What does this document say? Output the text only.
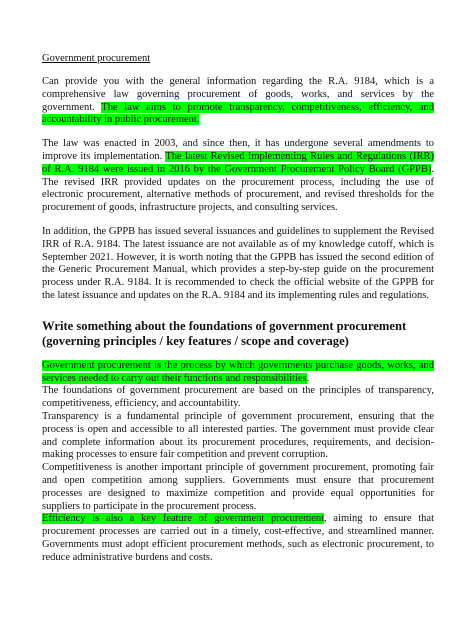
Government procurement

Can provide you with the general information regarding the R.A. 9184, which is a comprehensive law governing procurement of goods, works, and services by the government. The law aims to promote transparency, competitiveness, efficiency, and accountability in public procurement.

The law was enacted in 2003, and since then, it has undergone several amendments to improve its implementation. The latest Revised Implementing Rules and Regulations (IRR) of R.A. 9184 were issued in 2016 by the Government Procurement Policy Board (GPPB). The revised IRR provided updates on the procurement process, including the use of electronic procurement, alternative methods of procurement, and revised thresholds for the procurement of goods, infrastructure projects, and consulting services.

In addition, the GPPB has issued several issuances and guidelines to supplement the Revised IRR of R.A. 9184. The latest issuance are not available as of my knowledge cutoff, which is September 2021. However, it is worth noting that the GPPB has issued the second edition of the Generic Procurement Manual, which provides a step-by-step guide on the procurement process under R.A. 9184. It is recommended to check the official website of the GPPB for the latest issuance and updates on the R.A. 9184 and its implementing rules and regulations.

Write something about the foundations of government procurement (governing principles / key features / scope and coverage)

Government procurement is the process by which governments purchase goods, works, and services needed to carry out their functions and responsibilities.

The foundations of government procurement are based on the principles of transparency, competitiveness, efficiency, and accountability.

Transparency is a fundamental principle of government procurement, ensuring that the process is open and accessible to all interested parties. The government must provide clear and complete information about its procurement procedures, requirements, and decision-making processes to ensure fair competition and prevent corruption.

Competitiveness is another important principle of government procurement, promoting fair and open competition among suppliers. Governments must ensure that procurement processes are designed to maximize competition and provide equal opportunities for suppliers to participate in the procurement process.

Efficiency is also a key feature of government procurement, aiming to ensure that procurement processes are carried out in a timely, cost-effective, and streamlined manner. Governments must adopt efficient procurement methods, such as electronic procurement, to reduce administrative burdens and costs.
